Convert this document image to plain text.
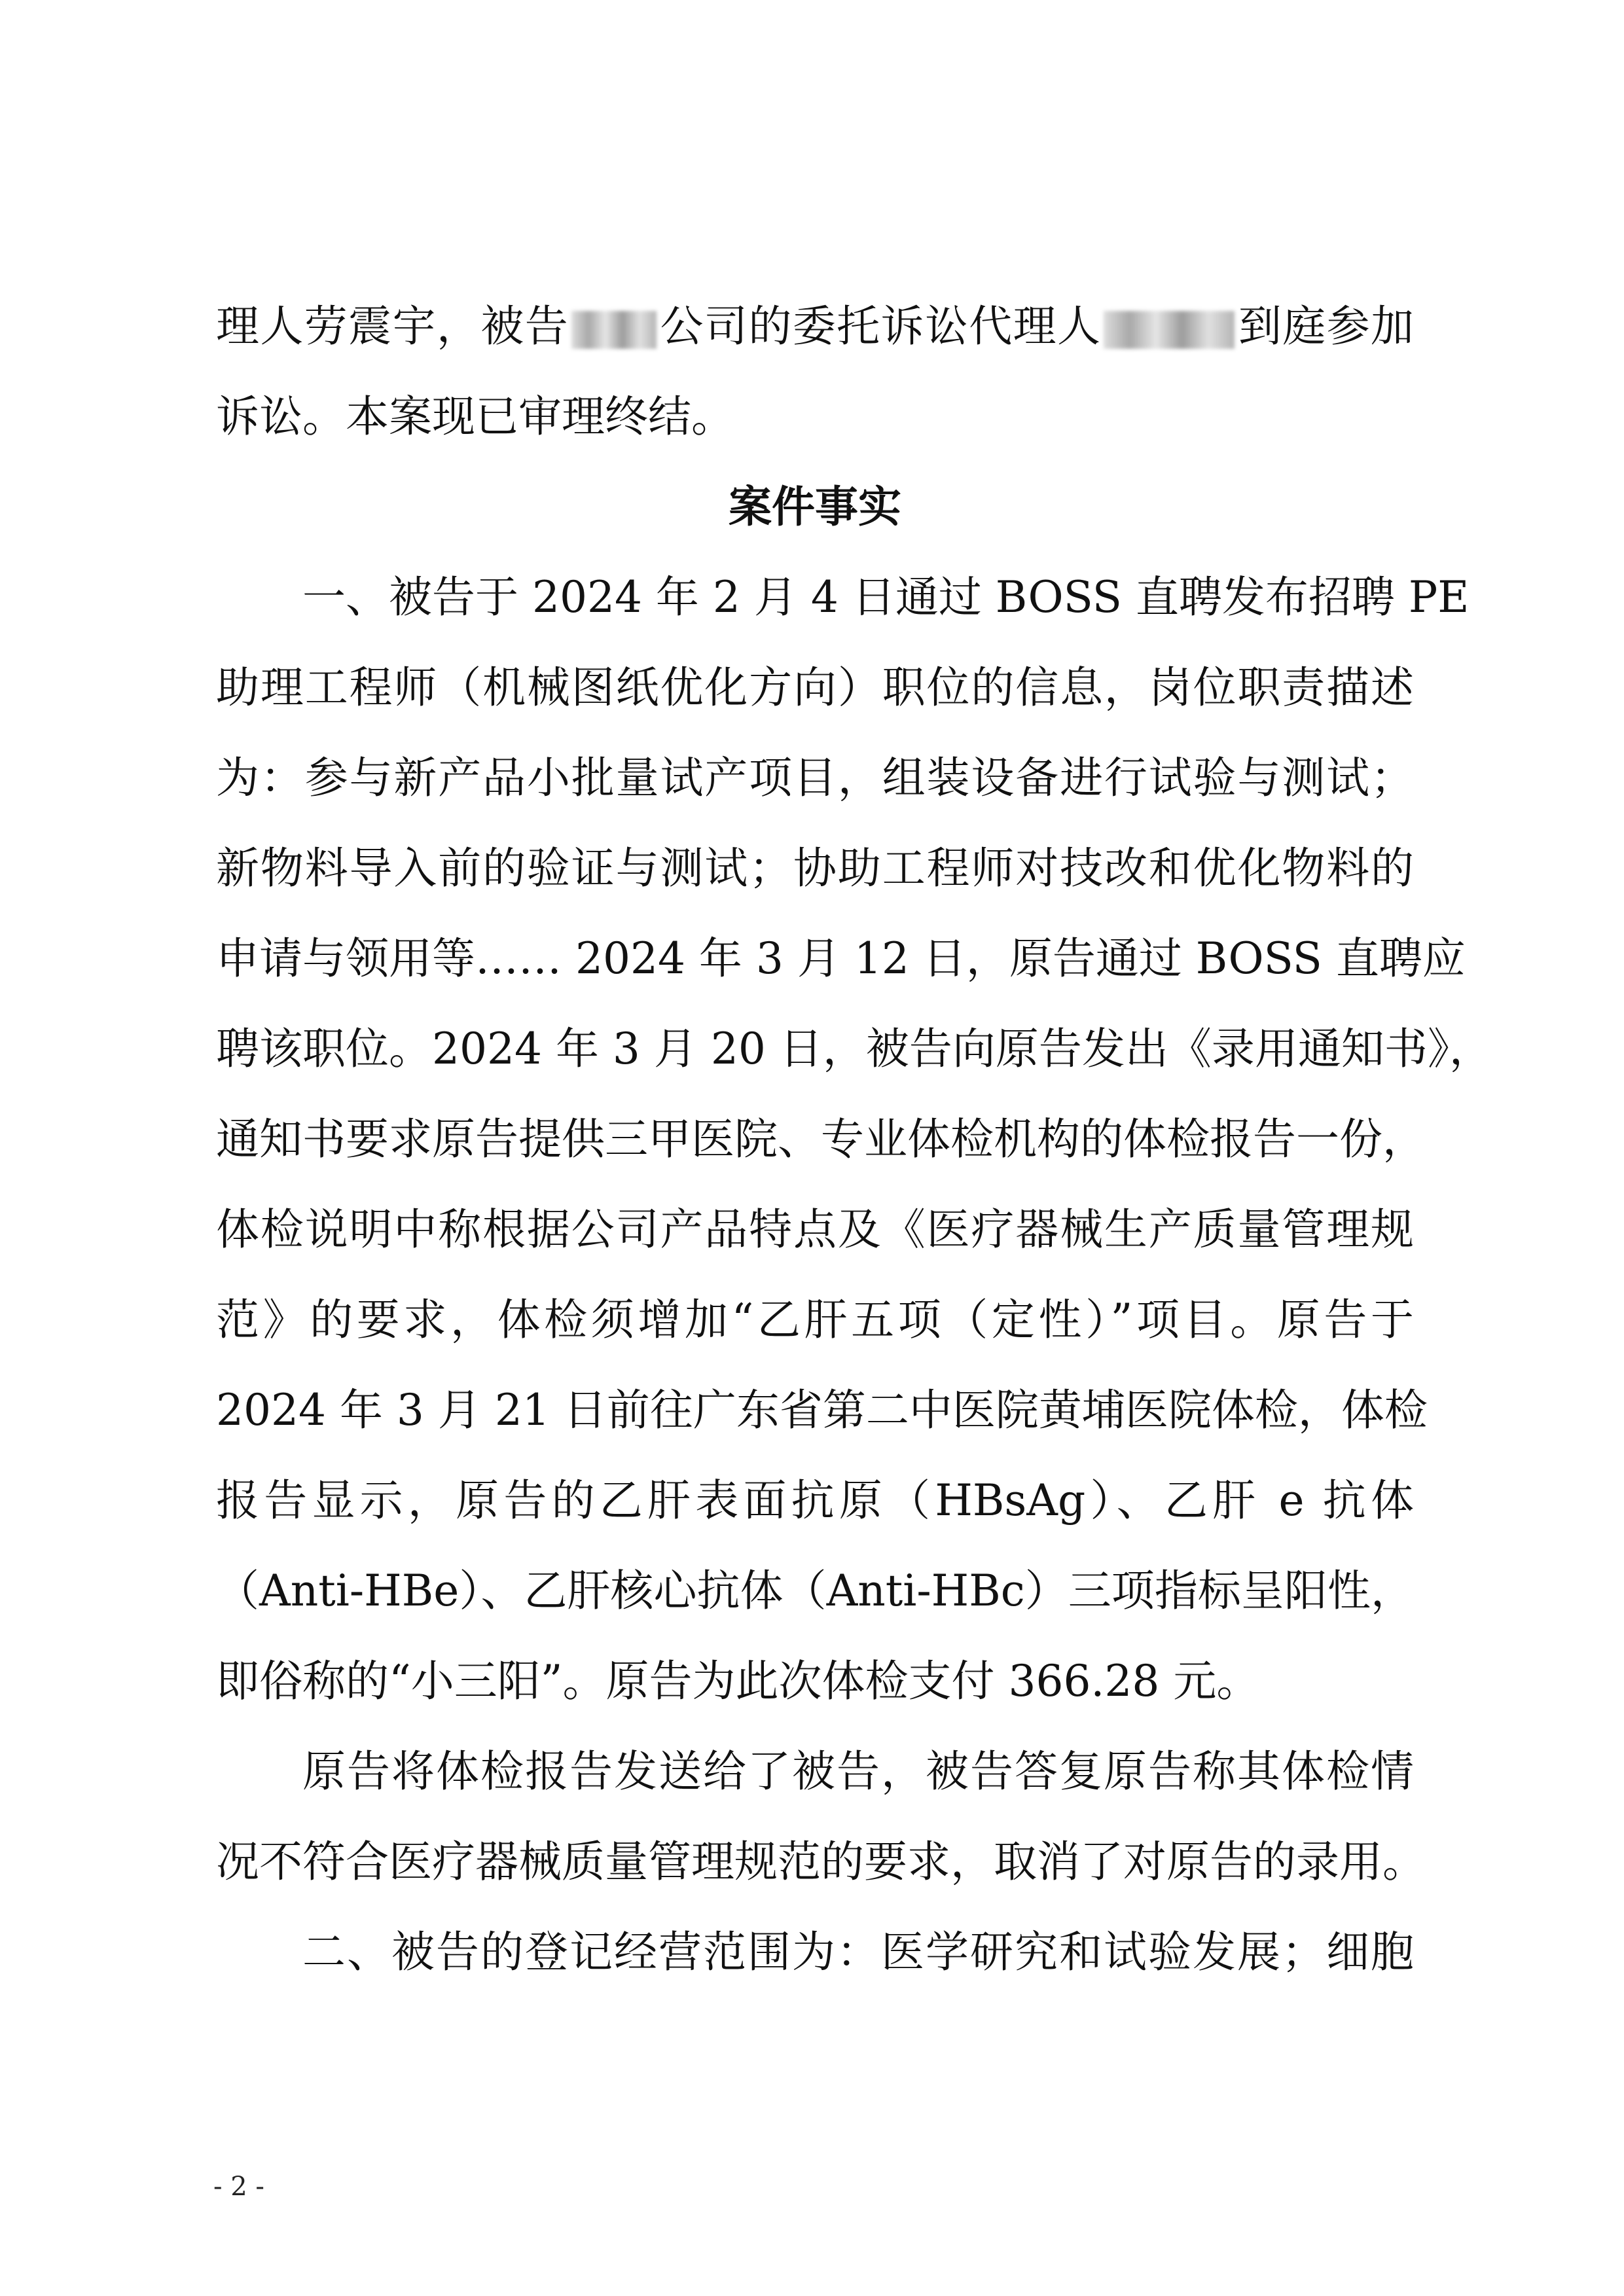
理人劳震宇，被告 公司的委托诉讼代理人	到庭参加
诉讼。本案现已审理终结。
案件事实
一、被告于 2024 年 2 月 4 日通过 BOSS 直聘发布招聘 PE
助理工程师（机械图纸优化方向）职位的信息，岗位职责描述
为：参与新产品小批量试产项目，组装设备进行试验与测试；
新物料导入前的验证与测试；协助工程师对技改和优化物料的
申请与领用等…… 2024 年 3 月 12 日，原告通过 BOSS 直聘应
聘该职位。2024 年 3 月 20 日，被告向原告发出《录用通知书》，
通知书要求原告提供三甲医院、专业体检机构的体检报告一份，
体检说明中称根据公司产品特点及《医疗器械生产质量管理规
范》的要求，体检须增加“乙肝五项（定性）”项目。原告于
2024 年 3 月 21 日前往广东省第二中医院黄埔医院体检，体检
报告显示，原告的乙肝表面抗原（HBsAg）、乙肝 e 抗体
（Anti-HBe）、乙肝核心抗体（Anti-HBc）三项指标呈阳性，
即俗称的“小三阳”。原告为此次体检支付 366.28 元。
原告将体检报告发送给了被告，被告答复原告称其体检情
况不符合医疗器械质量管理规范的要求，取消了对原告的录用。
二、被告的登记经营范围为：医学研究和试验发展；细胞
- 2 -
